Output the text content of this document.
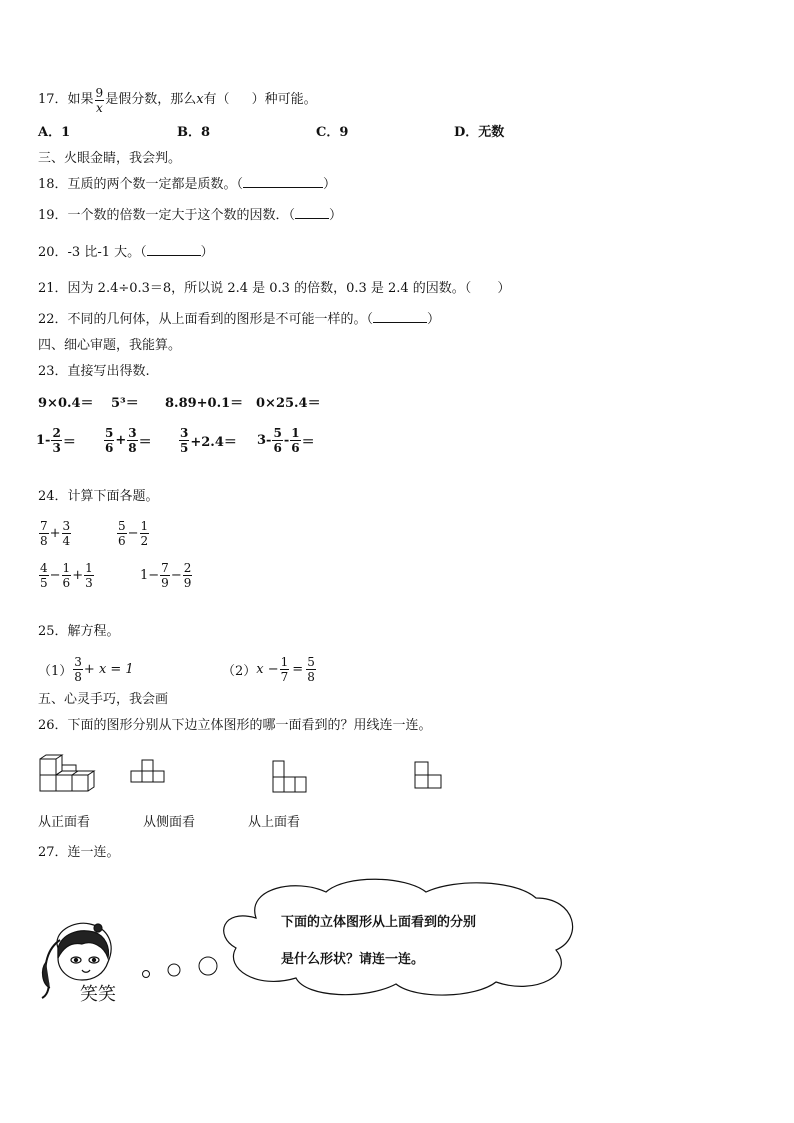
17．如果 $\frac{9}{x}$ 是假分数，那么 x 有（ ）种可能。
A．1	B．8	C．9	D．无数
三、火眼金睛，我会判。
18．互质的两个数一定都是质数。（	）
19．一个数的倍数一定大于这个数的因数．（	）
20．-3 比-1 大。（	）
21．因为 2.4÷0.3＝8，所以说 2.4 是 0.3 的倍数，0.3 是 2.4 的因数。（ ）
22．不同的几何体，从上面看到的图形是不可能一样的。（	）
四、细心审题，我能算。
23．直接写出得数.
9×0.4＝ 5³＝ 8.89+0.1＝ 0×25.4＝
$1- \frac{2}{3} = \frac{5}{6} + \frac{3}{8} = \frac{3}{5} +2.4= 3- \frac{5}{6} - \frac{1}{6}$ ＝
24．计算下面各题。
$\frac{7}{8} + \frac{3}{4}$	$\frac{5}{6} - \frac{1}{2}$
$\frac{4}{5} - \frac{1}{6} + \frac{1}{3}$	$1- \frac{7}{9} - \frac{2}{9}$
25．解方程。
$(1) \frac{3}{8} + x = 1$	（2） $x - \frac{1}{7} = \frac{5}{8}$
五、心灵手巧，我会画
26．下面的图形分别从下边立体图形的哪一面看到的？用线连一连。
从正面看	从侧面看	从上面看
27．连一连。
下面的立体图形从上面看到的分别
是什么形状？请连一连。
笑笑
